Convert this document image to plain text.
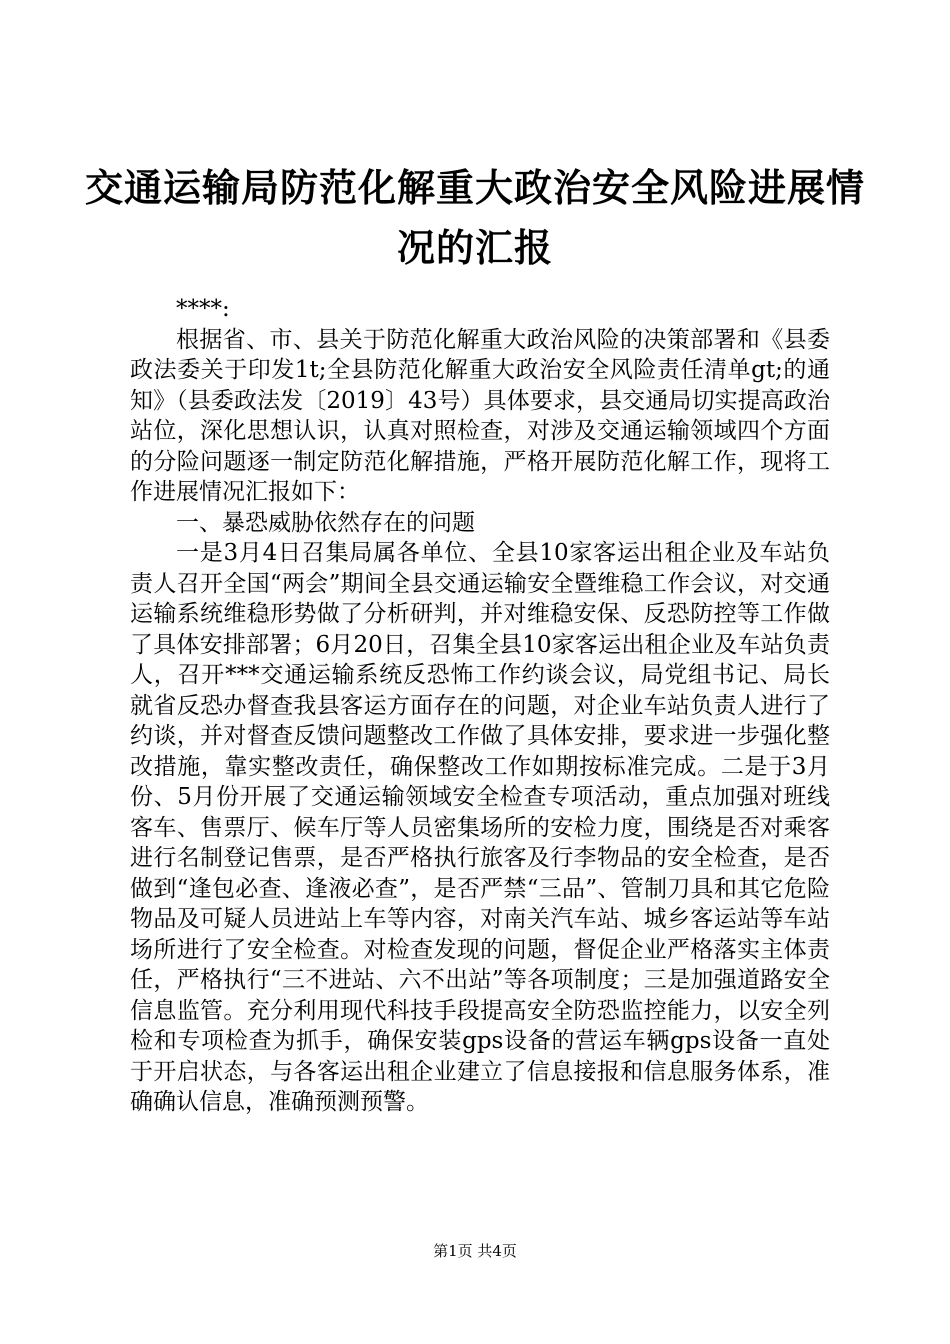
交通运输局防范化解重大政治安全风险进展情
况的汇报

****:

根据省、市、县关于防范化解重大政治风险的决策部署和《县委政法委关于印发1t;全县防范化解重大政治安全风险责任清单gt;的通知》（县委政法发〔2019〕43号）具体要求，县交通局切实提高政治站位，深化思想认识，认真对照检查，对涉及交通运输领域四个方面的分险问题逐一制定防范化解措施，严格开展防范化解工作，现将工作进展情况汇报如下：

一、暴恐威胁依然存在的问题

一是3月4日召集局属各单位、全县10家客运出租企业及车站负责人召开全国“两会”期间全县交通运输安全暨维稳工作会议，对交通运输系统维稳形势做了分析研判，并对维稳安保、反恐防控等工作做了具体安排部署；6月20日，召集全县10家客运出租企业及车站负责人，召开***交通运输系统反恐怖工作约谈会议，局党组书记、局长就省反恐办督查我县客运方面存在的问题，对企业车站负责人进行了约谈，并对督查反馈问题整改工作做了具体安排，要求进一步强化整改措施，靠实整改责任，确保整改工作如期按标准完成。二是于3月份、5月份开展了交通运输领域安全检查专项活动，重点加强对班线客车、售票厅、候车厅等人员密集场所的安检力度，围绕是否对乘客进行名制登记售票，是否严格执行旅客及行李物品的安全检查，是否做到“逢包必查、逢液必查”，是否严禁“三品”、管制刀具和其它危险物品及可疑人员进站上车等内容，对南关汽车站、城乡客运站等车站场所进行了安全检查。对检查发现的问题，督促企业严格落实主体责任，严格执行“三不进站、六不出站”等各项制度；三是加强道路安全信息监管。充分利用现代科技手段提高安全防恐监控能力，以安全列检和专项检查为抓手，确保安装gps设备的营运车辆gps设备一直处于开启状态，与各客运出租企业建立了信息接报和信息服务体系，准确确认信息，准确预测预警。

第1页 共4页
